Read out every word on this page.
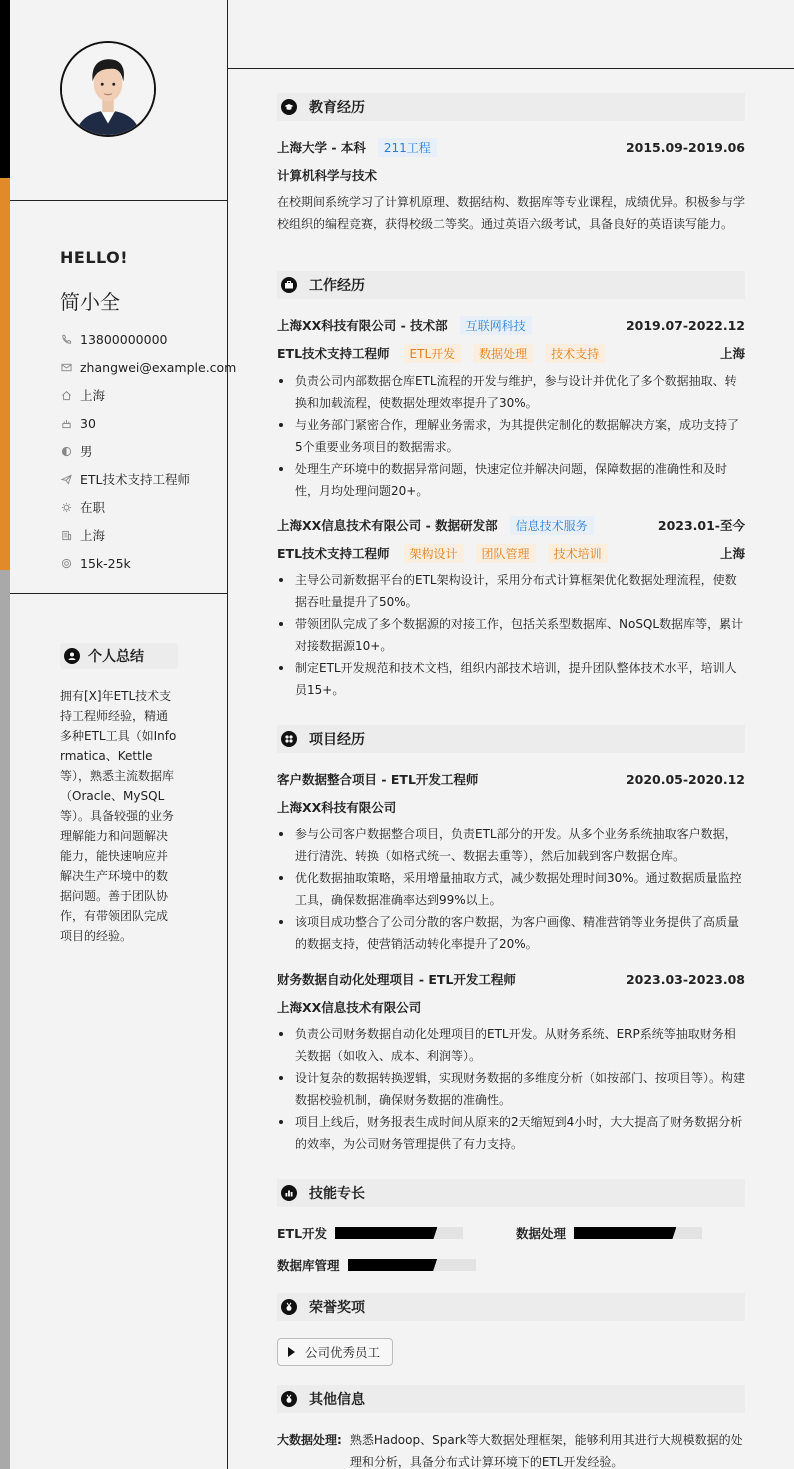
HELLO!
简小全
13800000000
zhangwei@example.com
上海
30
男
ETL技术支持工程师
在职
上海
15k-25k
个人总结
拥有[X]年ETL技术支持工程师经验，精通多种ETL工具（如Informatica、Kettle等），熟悉主流数据库（Oracle、MySQL等）。具备较强的业务理解能力和问题解决能力，能快速响应并解决生产环境中的数据问题。善于团队协作，有带领团队完成项目的经验。
教育经历
上海大学 - 本科	211工程	2015.09-2019.06
计算机科学与技术
在校期间系统学习了计算机原理、数据结构、数据库等专业课程，成绩优异。积极参与学校组织的编程竞赛，获得校级二等奖。通过英语六级考试，具备良好的英语读写能力。
工作经历
上海XX科技有限公司 - 技术部	互联网科技	2019.07-2022.12
ETL技术支持工程师	ETL开发	数据处理	技术支持	上海
负责公司内部数据仓库ETL流程的开发与维护，参与设计并优化了多个数据抽取、转换和加载流程，使数据处理效率提升了30%。
与业务部门紧密合作，理解业务需求，为其提供定制化的数据解决方案，成功支持了5个重要业务项目的数据需求。
处理生产环境中的数据异常问题，快速定位并解决问题，保障数据的准确性和及时性，月均处理问题20+。
上海XX信息技术有限公司 - 数据研发部	信息技术服务	2023.01-至今
ETL技术支持工程师	架构设计	团队管理	技术培训	上海
主导公司新数据平台的ETL架构设计，采用分布式计算框架优化数据处理流程，使数据吞吐量提升了50%。
带领团队完成了多个数据源的对接工作，包括关系型数据库、NoSQL数据库等，累计对接数据源10+。
制定ETL开发规范和技术文档，组织内部技术培训，提升团队整体技术水平，培训人员15+。
项目经历
客户数据整合项目 - ETL开发工程师	2020.05-2020.12
上海XX科技有限公司
参与公司客户数据整合项目，负责ETL部分的开发。从多个业务系统抽取客户数据，进行清洗、转换（如格式统一、数据去重等），然后加载到客户数据仓库。
优化数据抽取策略，采用增量抽取方式，减少数据处理时间30%。通过数据质量监控工具，确保数据准确率达到99%以上。
该项目成功整合了公司分散的客户数据，为客户画像、精准营销等业务提供了高质量的数据支持，使营销活动转化率提升了20%。
财务数据自动化处理项目 - ETL开发工程师	2023.03-2023.08
上海XX信息技术有限公司
负责公司财务数据自动化处理项目的ETL开发。从财务系统、ERP系统等抽取财务相关数据（如收入、成本、利润等）。
设计复杂的数据转换逻辑，实现财务数据的多维度分析（如按部门、按项目等）。构建数据校验机制，确保财务数据的准确性。
项目上线后，财务报表生成时间从原来的2天缩短到4小时，大大提高了财务数据分析的效率，为公司财务管理提供了有力支持。
技能专长
ETL开发	数据处理
数据库管理
荣誉奖项
公司优秀员工
其他信息
大数据处理: 熟悉Hadoop、Spark等大数据处理框架，能够利用其进行大规模数据的处理和分析，具备分布式计算环境下的ETL开发经验。
